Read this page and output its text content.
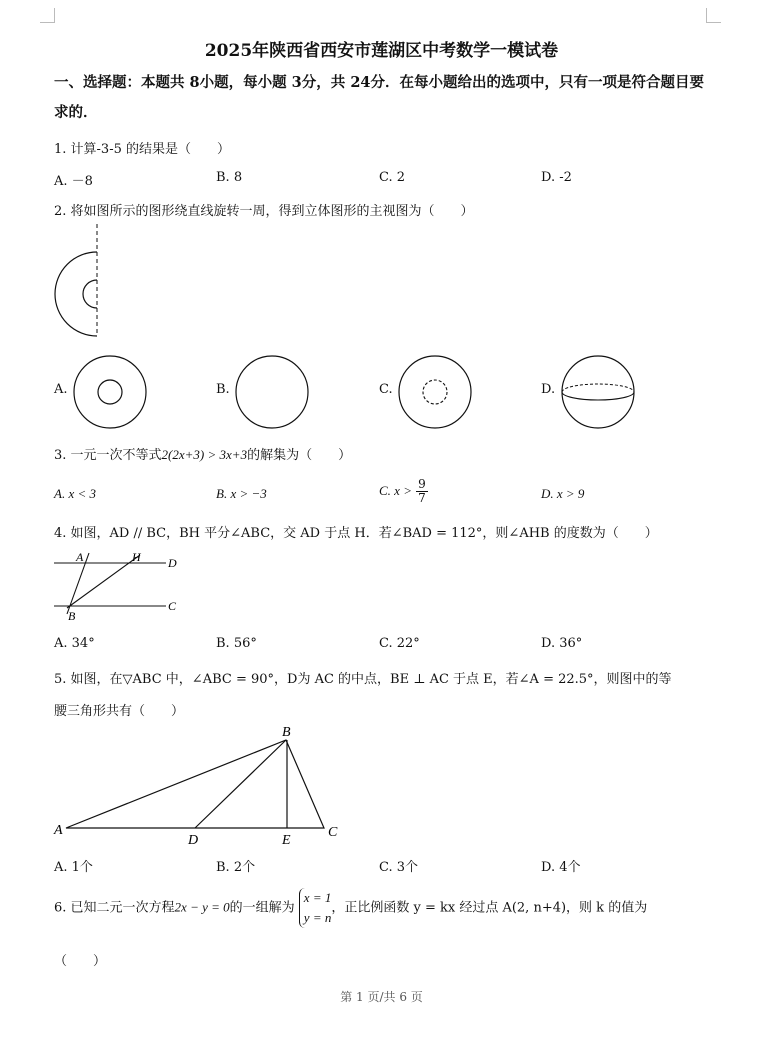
2025年陕西省西安市莲湖区中考数学一模试卷
一、选择题：本题共 8小题，每小题 3分，共 24分．在每小题给出的选项中，只有一项是符合题目要求的．
1. 计算-3-5 的结果是（　　）
A. －8	B. 8	C. 2	D. -2
2. 将如图所示的图形绕直线旋转一周，得到立体图形的主视图为（　　）
A.	B.	C.	D.
3. 一元一次不等式2(2x+3) > 3x+3的解集为（　　）
A. x < 3	B. x > −3	C. $x > \frac{9}{7}$	D. x > 9
4. 如图，AD // BC，BH 平分∠ABC，交 AD 于点 H．若∠BAD = 112°，则∠AHB 的度数为（　　）
A	H D
B
C
A. 34°	B. 56°	C. 22°	D. 36°
5. 如图，在▽ABC 中，∠ABC = 90°，D为 AC 的中点，BE ⊥ AC 于点 E，若∠A = 22.5°，则图中的等
腰三角形共有（　　）
B
A
D	E
C
A. 1个	B. 2个	C. 3个	D. 4个
6. 已知二元一次方程2x − y = 0的一组解为
x = 1
y = n
，正比例函数 y = kx 经过点 A(2, n+4)，则 k 的值为
（　　）
第 1 页/共 6 页
